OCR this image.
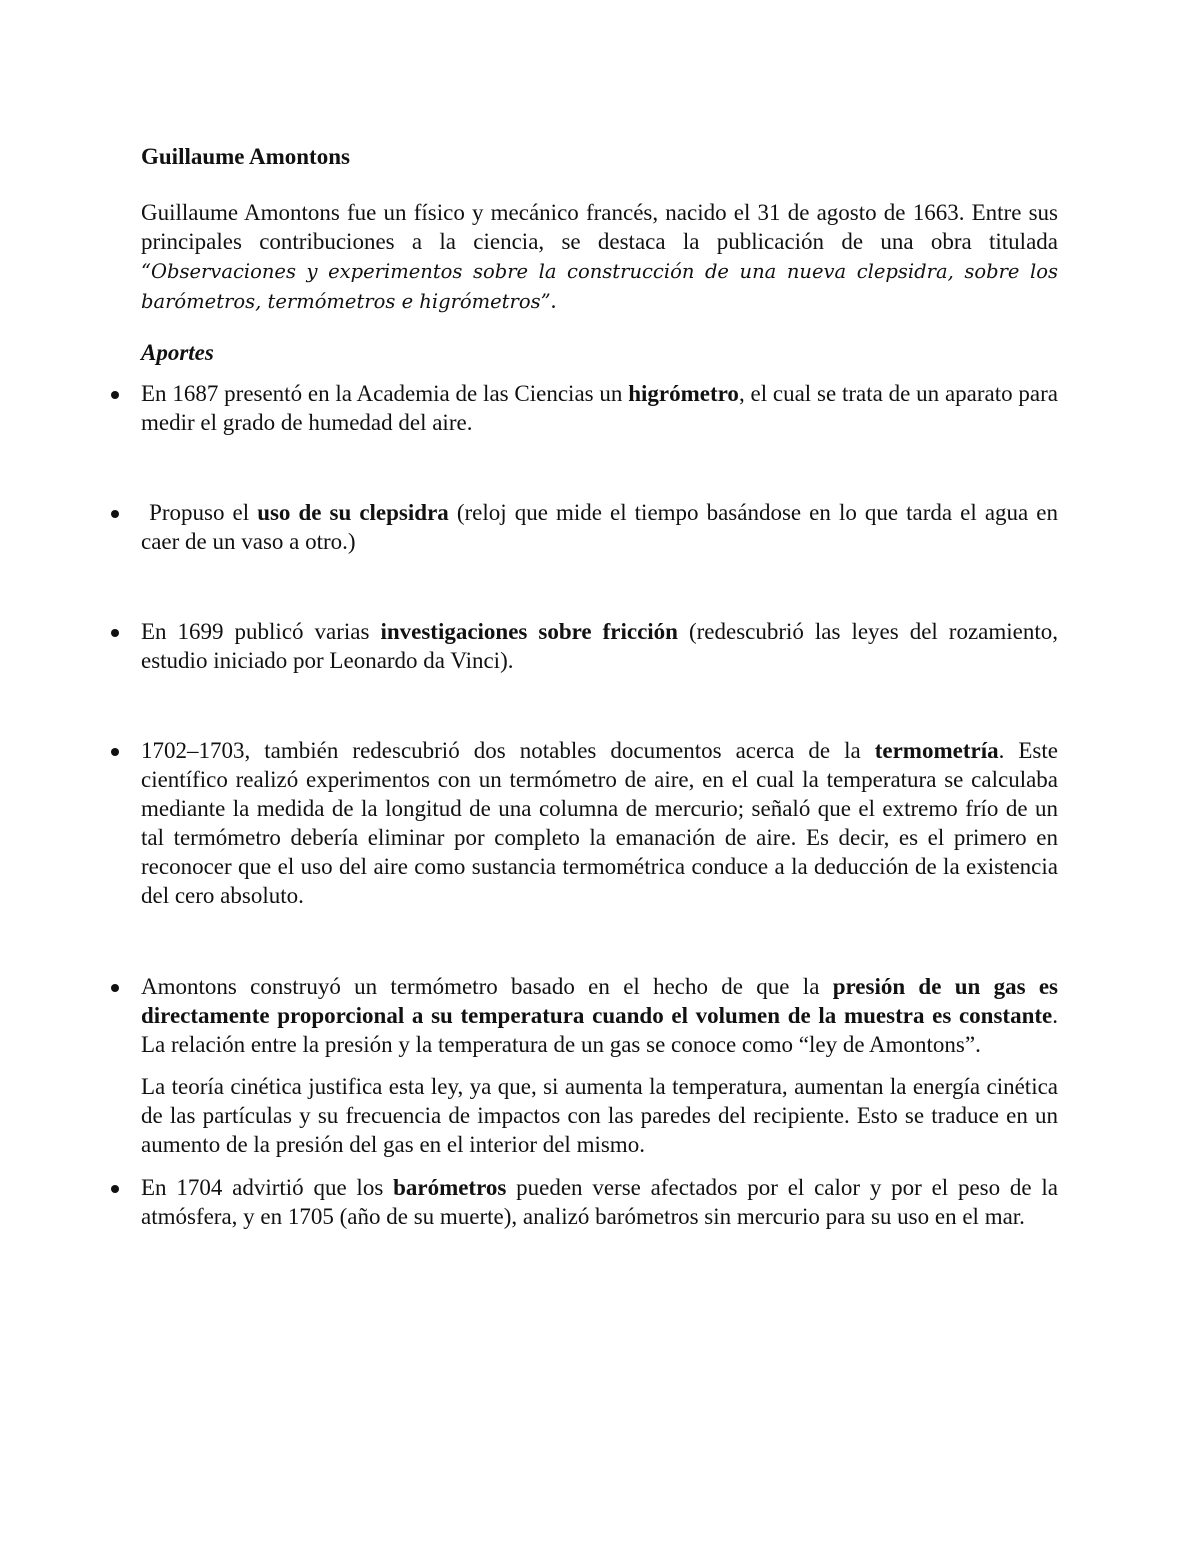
Guillaume Amontons

Guillaume Amontons fue un físico y mecánico francés, nacido el 31 de agosto de 1663. Entre sus principales contribuciones a la ciencia, se destaca la publicación de una obra titulada “Observaciones y experimentos sobre la construcción de una nueva clepsidra, sobre los barómetros, termómetros e higrómetros”.

Aportes

En 1687 presentó en la Academia de las Ciencias un higrómetro, el cual se trata de un aparato para medir el grado de humedad del aire.

Propuso el uso de su clepsidra (reloj que mide el tiempo basándose en lo que tarda el agua en caer de un vaso a otro.)

En 1699 publicó varias investigaciones sobre fricción (redescubrió las leyes del rozamiento, estudio iniciado por Leonardo da Vinci).

1702–1703, también redescubrió dos notables documentos acerca de la termometría. Este científico realizó experimentos con un termómetro de aire, en el cual la temperatura se calculaba mediante la medida de la longitud de una columna de mercurio; señaló que el extremo frío de un tal termómetro debería eliminar por completo la emanación de aire. Es decir, es el primero en reconocer que el uso del aire como sustancia termométrica conduce a la deducción de la existencia del cero absoluto.

Amontons construyó un termómetro basado en el hecho de que la presión de un gas es directamente proporcional a su temperatura cuando el volumen de la muestra es constante. La relación entre la presión y la temperatura de un gas se conoce como “ley de Amontons”.

La teoría cinética justifica esta ley, ya que, si aumenta la temperatura, aumentan la energía cinética de las partículas y su frecuencia de impactos con las paredes del recipiente. Esto se traduce en un aumento de la presión del gas en el interior del mismo.

En 1704 advirtió que los barómetros pueden verse afectados por el calor y por el peso de la atmósfera, y en 1705 (año de su muerte), analizó barómetros sin mercurio para su uso en el mar.
